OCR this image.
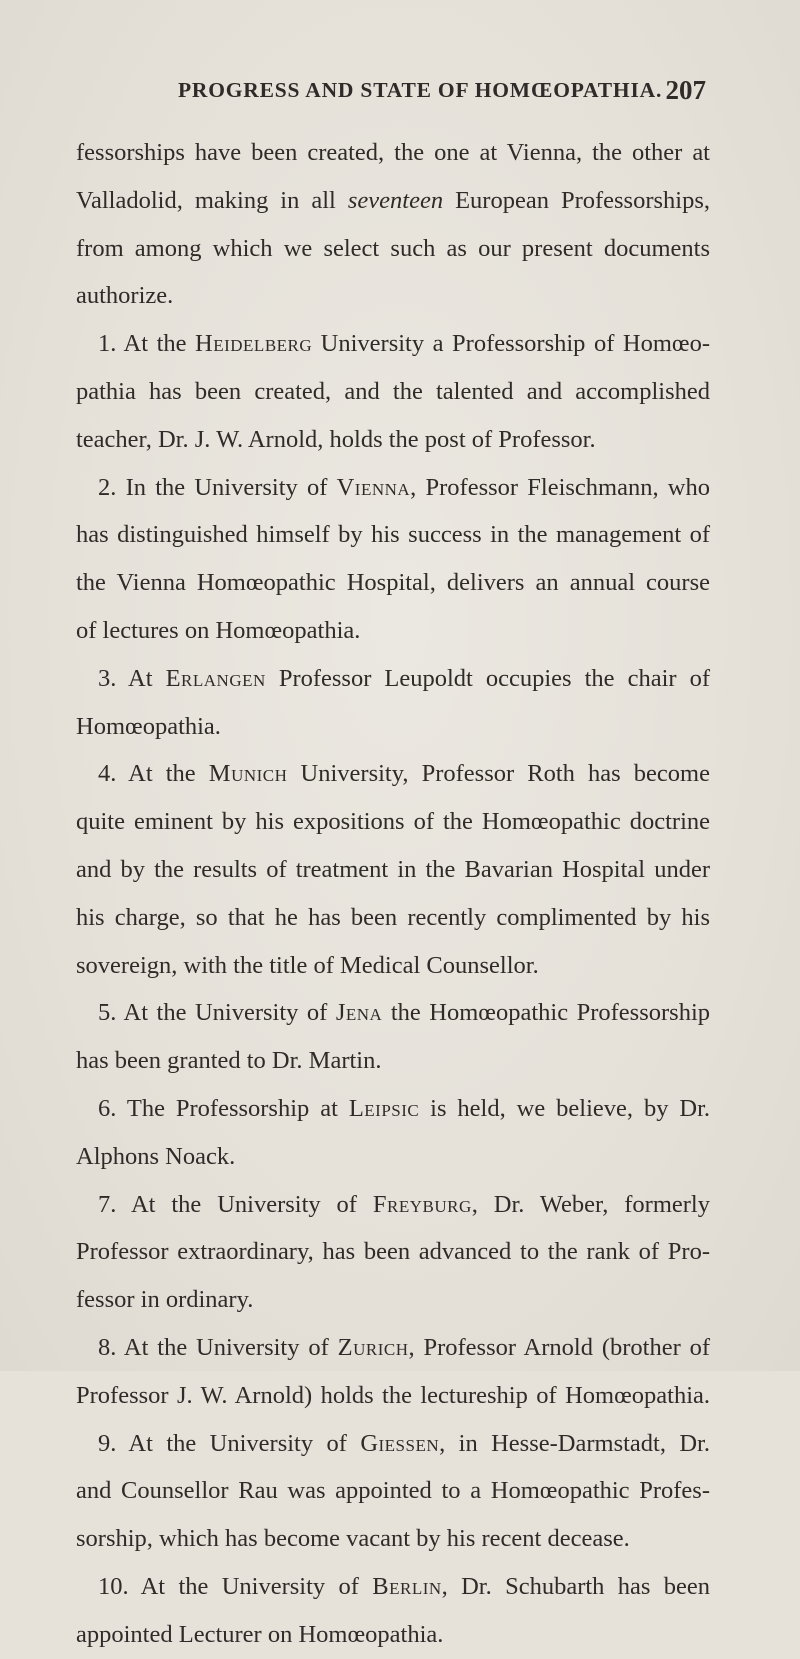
PROGRESS AND STATE OF HOMŒOPATHIA. 207
fessorships have been created, the one at Vienna, the other at
Valladolid, making in all seventeen European Professorships,
from among which we select such as our present documents
authorize.
1. At the Heidelberg University a Professorship of Homœo-
pathia has been created, and the talented and accomplished
teacher, Dr. J. W. Arnold, holds the post of Professor.
2. In the University of Vienna, Professor Fleischmann, who
has distinguished himself by his success in the management of
the Vienna Homœopathic Hospital, delivers an annual course
of lectures on Homœopathia.
3. At Erlangen Professor Leupoldt occupies the chair of
Homœopathia.
4. At the Munich University, Professor Roth has become
quite eminent by his expositions of the Homœopathic doctrine
and by the results of treatment in the Bavarian Hospital under
his charge, so that he has been recently complimented by his
sovereign, with the title of Medical Counsellor.
5. At the University of Jena the Homœopathic Professorship
has been granted to Dr. Martin.
6. The Professorship at Leipsic is held, we believe, by Dr.
Alphons Noack.
7. At the University of Freyburg, Dr. Weber, formerly
Professor extraordinary, has been advanced to the rank of Pro-
fessor in ordinary.
8. At the University of Zurich, Professor Arnold (brother of
Professor J. W. Arnold) holds the lectureship of Homœopathia.
9. At the University of Giessen, in Hesse-Darmstadt, Dr.
and Counsellor Rau was appointed to a Homœopathic Profes-
sorship, which has become vacant by his recent decease.
10. At the University of Berlin, Dr. Schubarth has been
appointed Lecturer on Homœopathia.
